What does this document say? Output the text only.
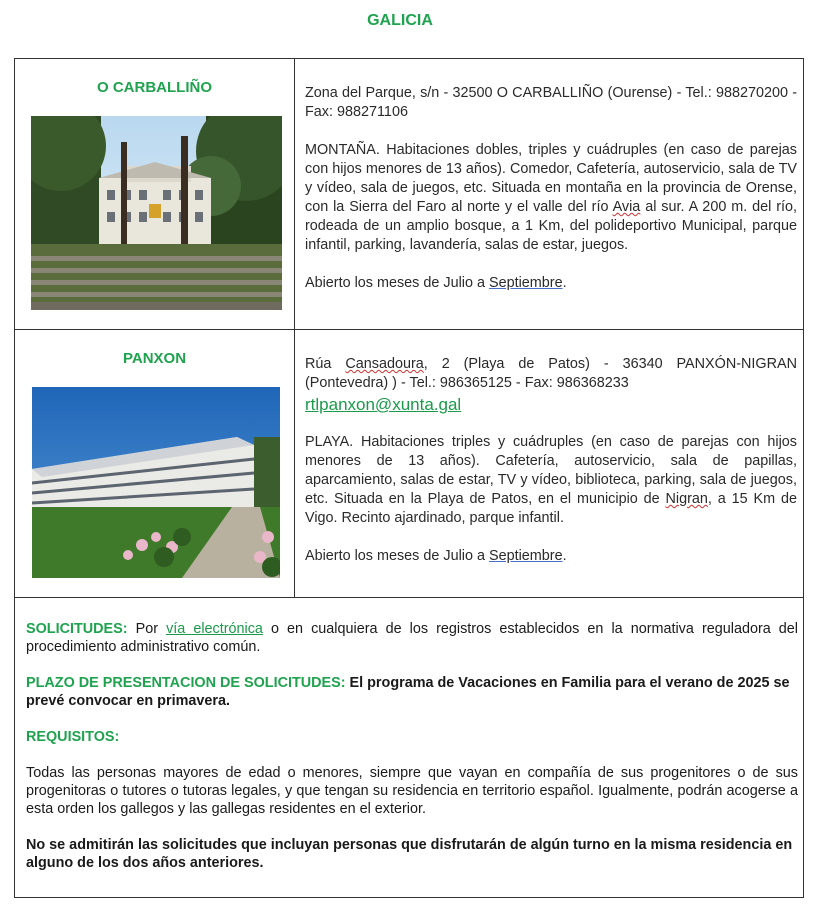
GALICIA
O CARBALLIÑO	Zona del Parque, s/n - 32500 O CARBALLIÑO (Ourense) - Tel.: 988270200 - Fax: 988271106

MONTAÑA. Habitaciones dobles, triples y cuádruples (en caso de parejas con hijos menores de 13 años). Comedor, Cafetería, autoservicio, sala de TV y vídeo, sala de juegos, etc. Situada en montaña en la provincia de Orense, con la Sierra del Faro al norte y el valle del río Avia al sur. A 200 m. del río, rodeada de un amplio bosque, a 1 Km, del polideportivo Municipal, parque infantil, parking, lavandería, salas de estar, juegos.

Abierto los meses de Julio a Septiembre.

PANXON	Rúa Cansadoura, 2 (Playa de Patos) - 36340 PANXÓN-NIGRAN (Pontevedra) ) - Tel.: 986365125 - Fax: 986368233

rtlpanxon@xunta.gal

PLAYA. Habitaciones triples y cuádruples (en caso de parejas con hijos menores de 13 años). Cafetería, autoservicio, sala de papillas, aparcamiento, salas de estar, TV y vídeo, biblioteca, parking, sala de juegos, etc. Situada en la Playa de Patos, en el municipio de Nigran, a 15 Km de Vigo. Recinto ajardinado, parque infantil.

Abierto los meses de Julio a Septiembre.

SOLICITUDES: Por vía electrónica o en cualquiera de los registros establecidos en la normativa reguladora del procedimiento administrativo común.

PLAZO DE PRESENTACION DE SOLICITUDES: El programa de Vacaciones en Familia para el verano de 2025 se prevé convocar en primavera.

REQUISITOS:

Todas las personas mayores de edad o menores, siempre que vayan en compañía de sus progenitores o de sus progenitoras o tutores o tutoras legales, y que tengan su residencia en territorio español. Igualmente, podrán acogerse a esta orden los gallegos y las gallegas residentes en el exterior.

No se admitirán las solicitudes que incluyan personas que disfrutarán de algún turno en la misma residencia en alguno de los dos años anteriores.
